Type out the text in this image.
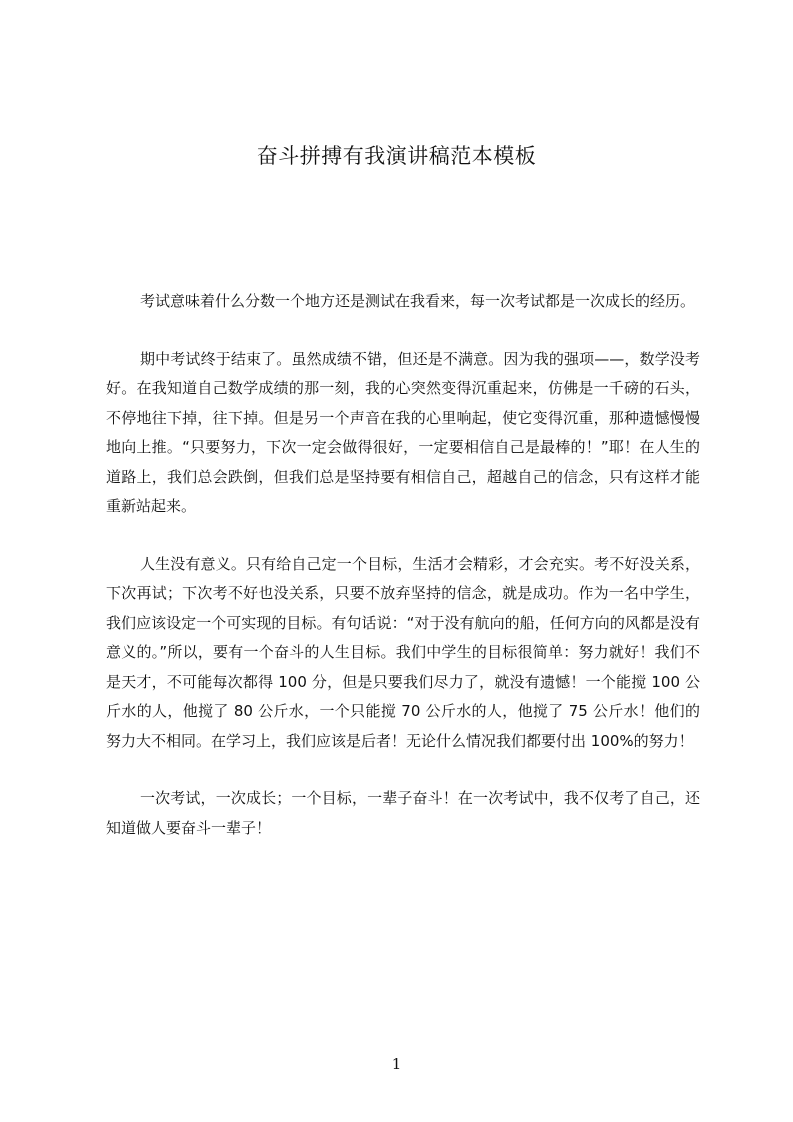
奋斗拼搏有我演讲稿范本模板

考试意味着什么分数一个地方还是测试在我看来，每一次考试都是一次成长的经历。

期中考试终于结束了。虽然成绩不错，但还是不满意。因为我的强项——，数学没考好。在我知道自己数学成绩的那一刻，我的心突然变得沉重起来，仿佛是一千磅的石头，不停地往下掉，往下掉。但是另一个声音在我的心里响起，使它变得沉重，那种遗憾慢慢地向上推。“只要努力，下次一定会做得很好，一定要相信自己是最棒的！”耶！在人生的道路上，我们总会跌倒，但我们总是坚持要有相信自己，超越自己的信念，只有这样才能重新站起来。

人生没有意义。只有给自己定一个目标，生活才会精彩，才会充实。考不好没关系，下次再试；下次考不好也没关系，只要不放弃坚持的信念，就是成功。作为一名中学生，我们应该设定一个可实现的目标。有句话说：“对于没有航向的船，任何方向的风都是没有意义的。”所以，要有一个奋斗的人生目标。我们中学生的目标很简单：努力就好！我们不是天才，不可能每次都得 100 分，但是只要我们尽力了，就没有遗憾！一个能搅 100 公斤水的人，他搅了 80 公斤水，一个只能搅 70 公斤水的人，他搅了 75 公斤水！他们的努力大不相同。在学习上，我们应该是后者！无论什么情况我们都要付出 100%的努力！

一次考试，一次成长；一个目标，一辈子奋斗！在一次考试中，我不仅考了自己，还知道做人要奋斗一辈子！

1
